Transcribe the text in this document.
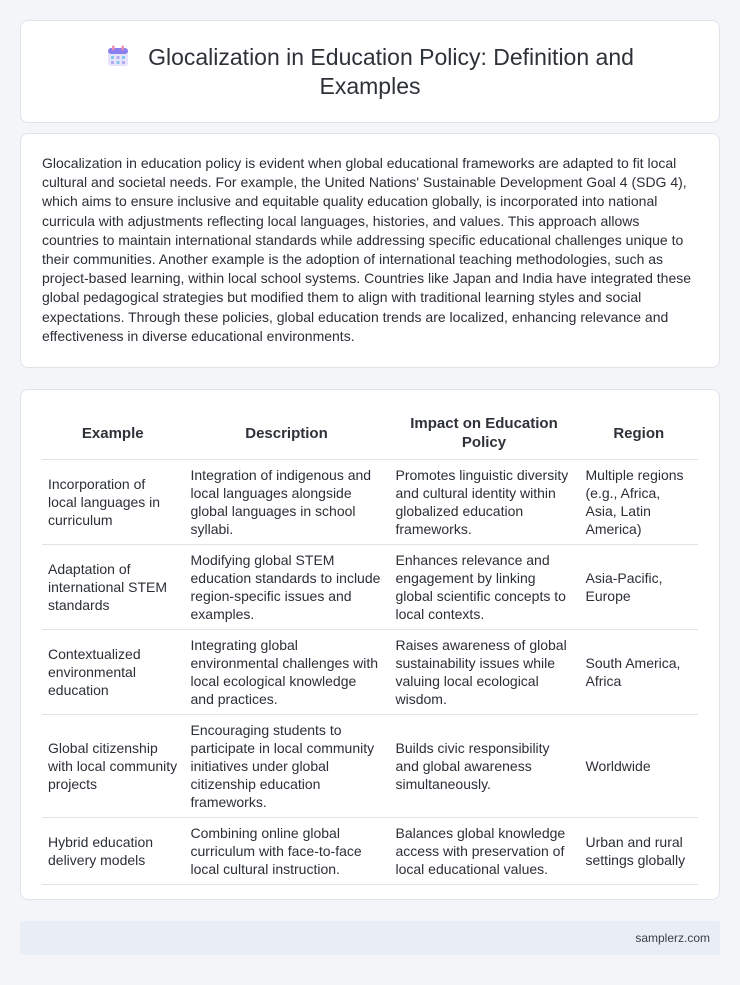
Glocalization in Education Policy: Definition and Examples

Glocalization in education policy is evident when global educational frameworks are adapted to fit local cultural and societal needs. For example, the United Nations' Sustainable Development Goal 4 (SDG 4), which aims to ensure inclusive and equitable quality education globally, is incorporated into national curricula with adjustments reflecting local languages, histories, and values. This approach allows countries to maintain international standards while addressing specific educational challenges unique to their communities. Another example is the adoption of international teaching methodologies, such as project-based learning, within local school systems. Countries like Japan and India have integrated these global pedagogical strategies but modified them to align with traditional learning styles and social expectations. Through these policies, global education trends are localized, enhancing relevance and effectiveness in diverse educational environments.

Example	Description	Impact on Education Policy	Region
Incorporation of local languages in curriculum	Integration of indigenous and local languages alongside global languages in school syllabi.	Promotes linguistic diversity and cultural identity within globalized education frameworks.	Multiple regions (e.g., Africa, Asia, Latin America)
Adaptation of international STEM standards	Modifying global STEM education standards to include region-specific issues and examples.	Enhances relevance and engagement by linking global scientific concepts to local contexts.	Asia-Pacific, Europe
Contextualized environmental education	Integrating global environmental challenges with local ecological knowledge and practices.	Raises awareness of global sustainability issues while valuing local ecological wisdom.	South America, Africa
Global citizenship with local community projects	Encouraging students to participate in local community initiatives under global citizenship education frameworks.	Builds civic responsibility and global awareness simultaneously.	Worldwide
Hybrid education delivery models	Combining online global curriculum with face-to-face local cultural instruction.	Balances global knowledge access with preservation of local educational values.	Urban and rural settings globally
samplerz.com
